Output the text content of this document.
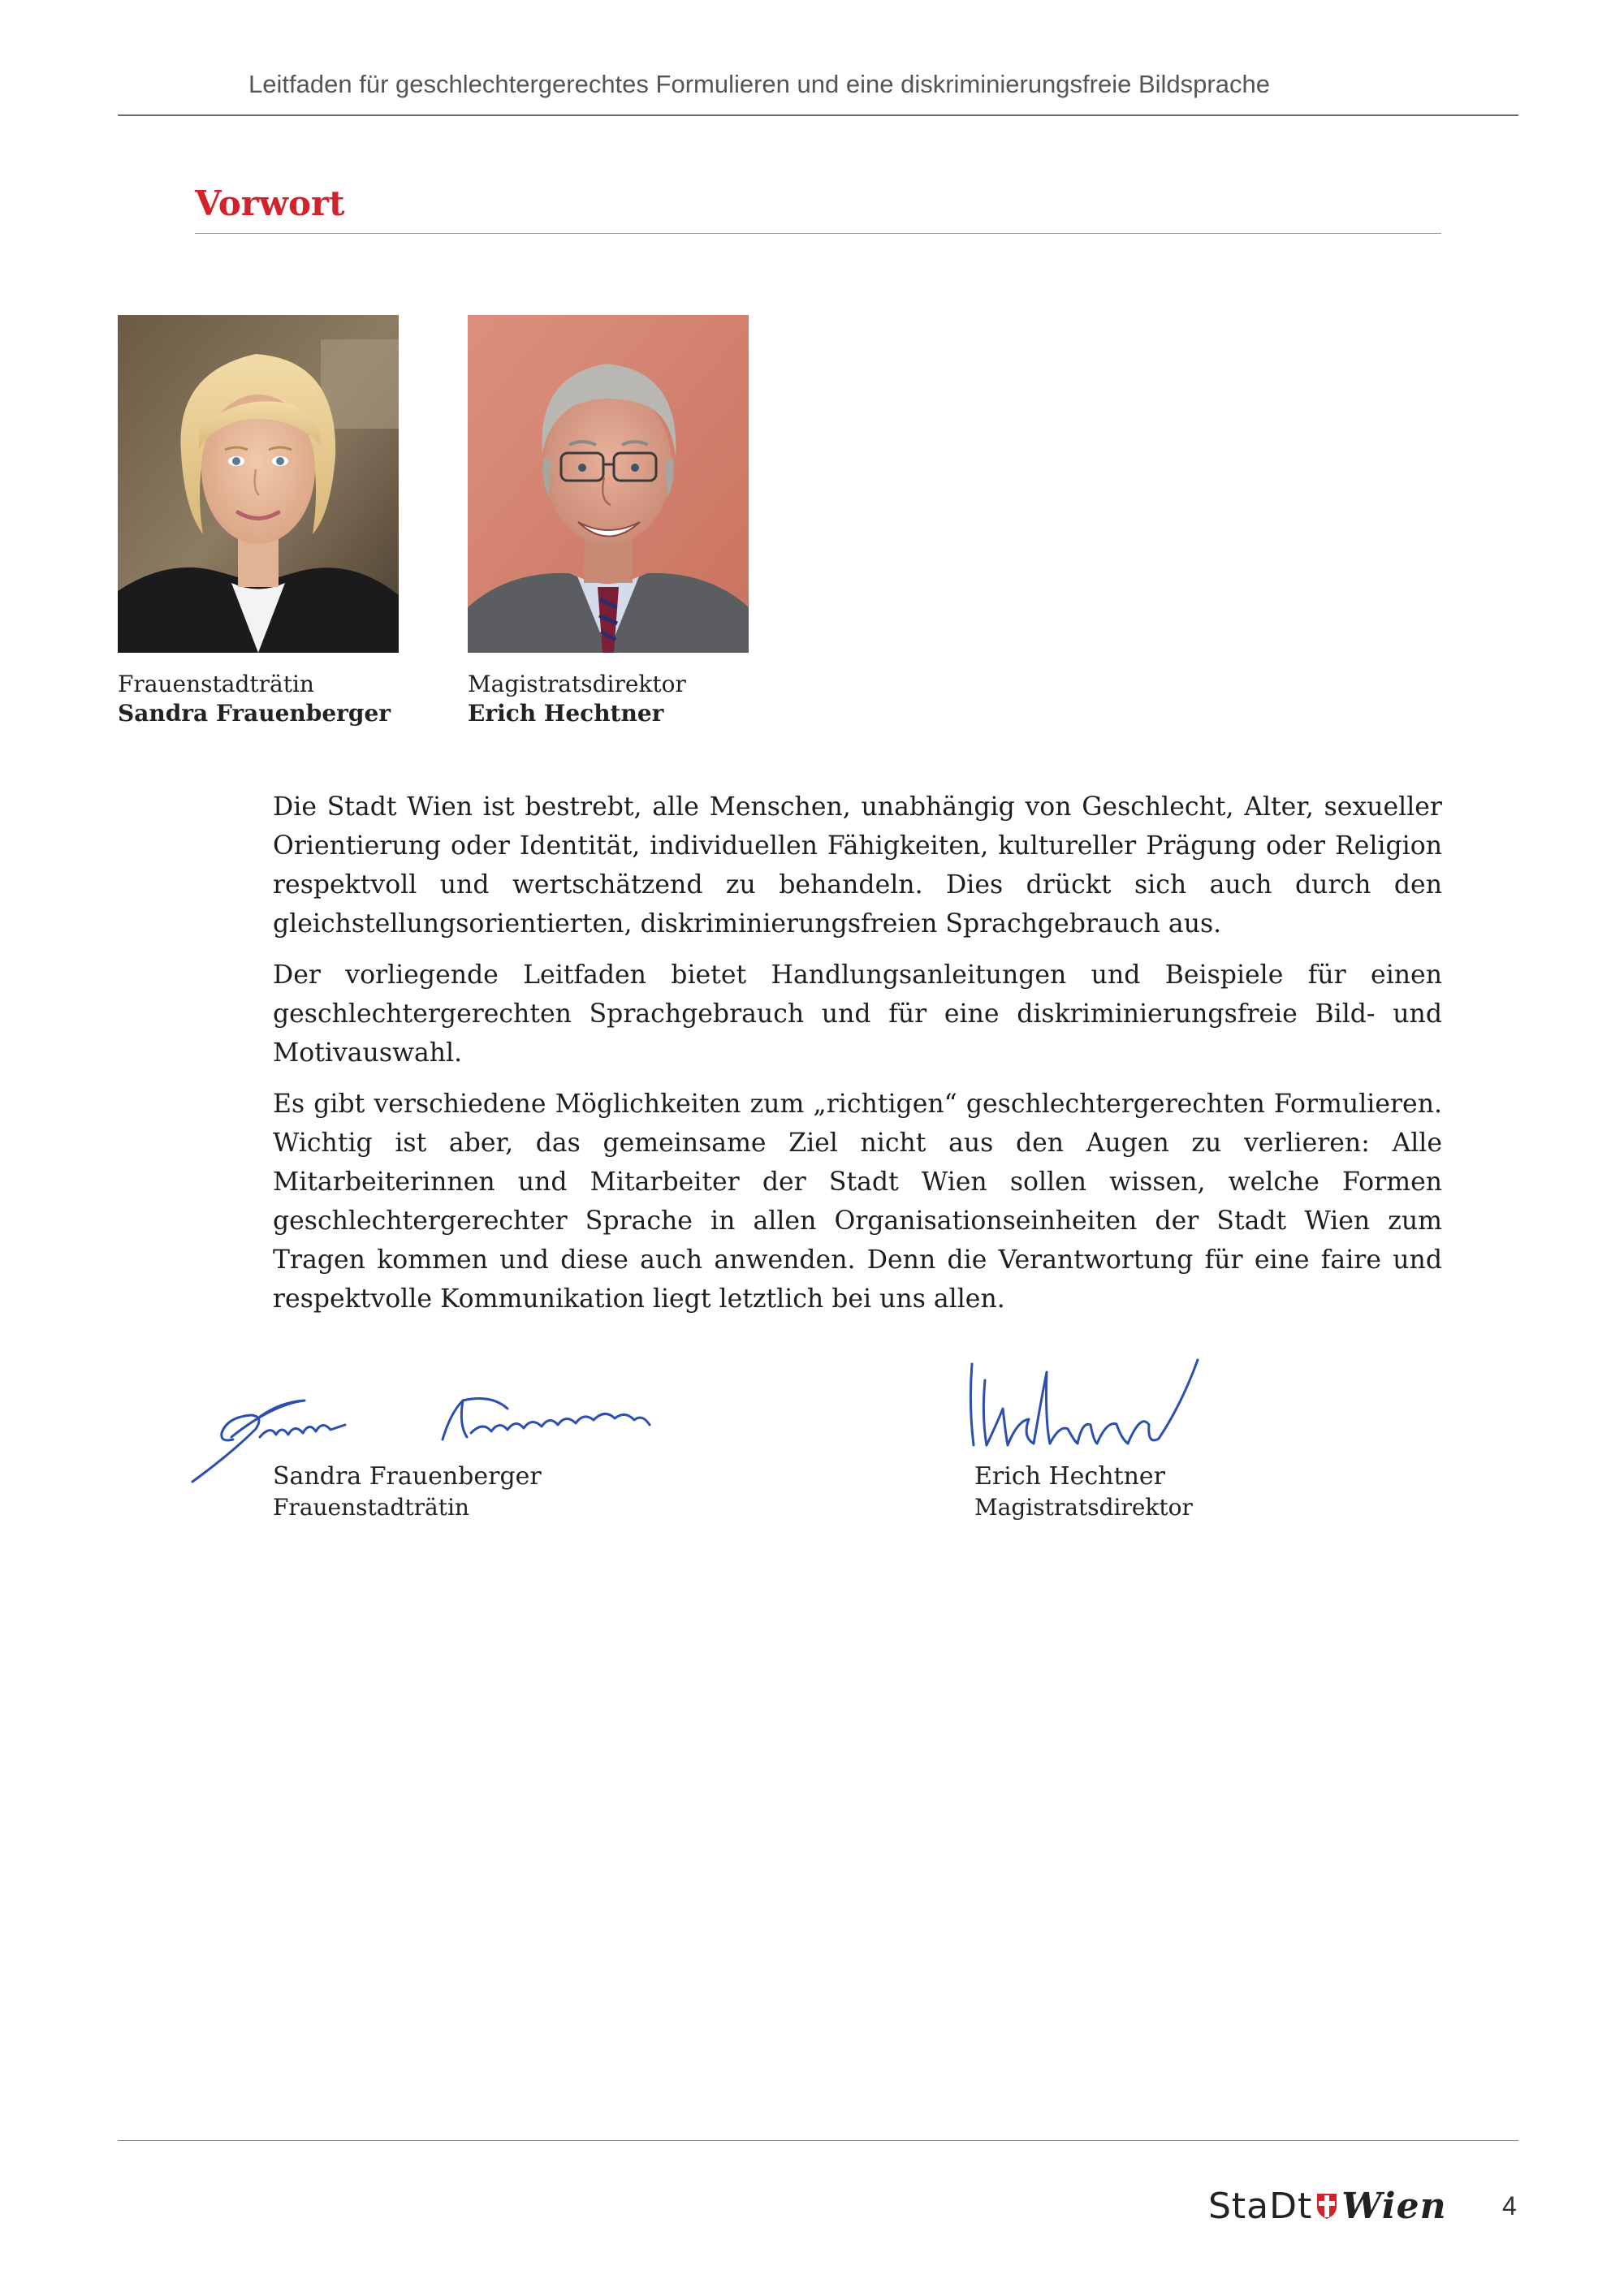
Leitfaden für geschlechtergerechtes Formulieren und eine diskriminierungsfreie Bildsprache
Vorwort
Frauenstadträtin
Sandra Frauenberger
Magistratsdirektor
Erich Hechtner

Die Stadt Wien ist bestrebt, alle Menschen, unabhängig von Geschlecht, Alter, sexueller Orientierung oder Identität, individuellen Fähigkeiten, kultureller Prägung oder Religion respektvoll und wertschätzend zu behandeln. Dies drückt sich auch durch den gleichstellungsorientierten, diskriminierungsfreien Sprachgebrauch aus.

Der vorliegende Leitfaden bietet Handlungsanleitungen und Beispiele für einen geschlechtergerechten Sprachgebrauch und für eine diskriminierungsfreie Bild- und Motivauswahl.

Es gibt verschiedene Möglichkeiten zum „richtigen“ geschlechtergerechten Formulieren. Wichtig ist aber, das gemeinsame Ziel nicht aus den Augen zu verlieren: Alle Mitarbeiterinnen und Mitarbeiter der Stadt Wien sollen wissen, welche Formen geschlechtergerechter Sprache in allen Organisationseinheiten der Stadt Wien zum Tragen kommen und diese auch anwenden. Denn die Verantwortung für eine faire und respektvolle Kommunikation liegt letztlich bei uns allen.

Sandra Frauenberger
Frauenstadträtin
Erich Hechtner
Magistratsdirektor
StaDt Wien 4
